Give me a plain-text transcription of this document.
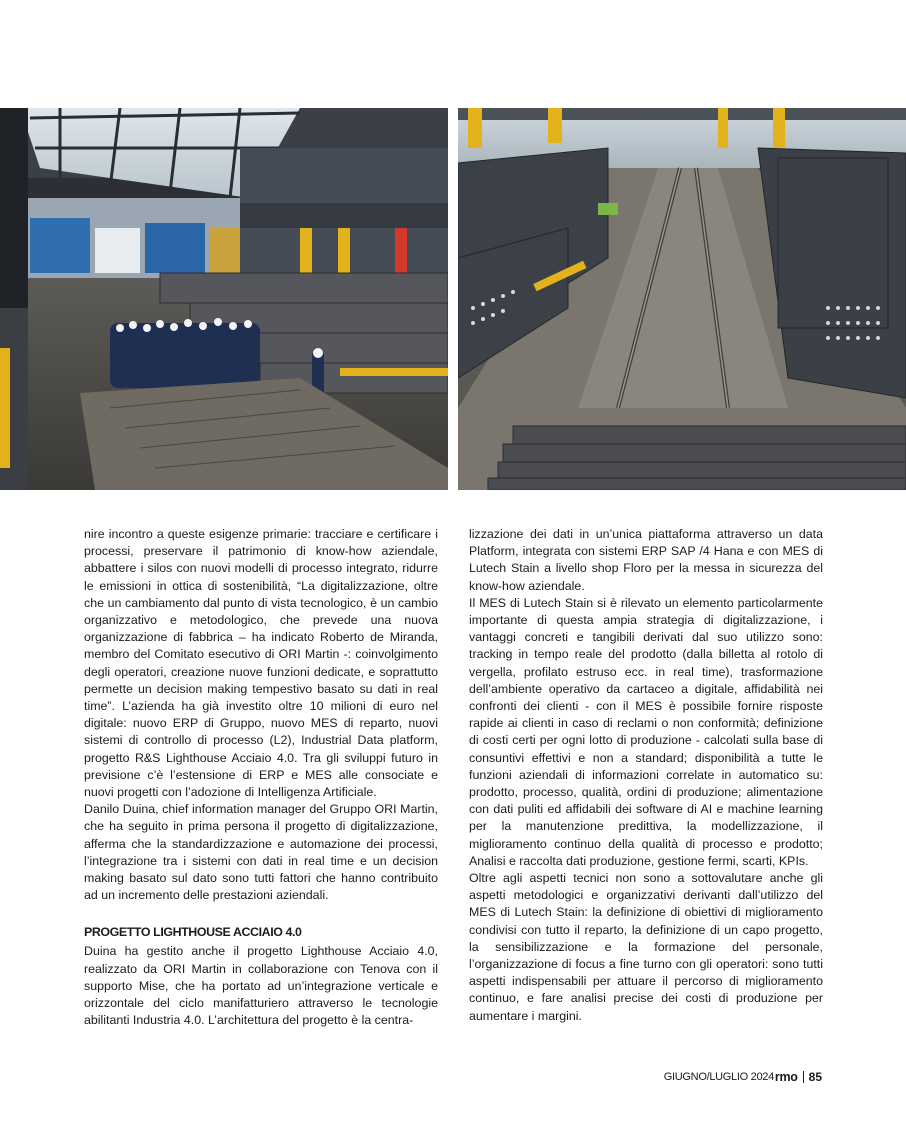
nire incontro a queste esigenze primarie: tracciare e certificare i processi, preservare il patrimonio di know-how aziendale, abbattere i silos con nuovi modelli di processo integrato, ridurre le emissioni in ottica di sostenibilità, “La digitalizzazione, oltre che un cambiamento dal punto di vista tecnologico, è un cambio organizzativo e metodologico, che prevede una nuova organizzazione di fabbrica – ha indicato Roberto de Miranda, membro del Comitato esecutivo di ORI Martin -: coinvolgimento degli operatori, creazione nuove funzioni dedicate, e soprattutto permette un decision making tempestivo basato su dati in real time”. L’azienda ha già investito oltre 10 milioni di euro nel digitale: nuovo ERP di Gruppo, nuovo MES di reparto, nuovi sistemi di controllo di processo (L2), Industrial Data platform, progetto R&S Lighthouse Acciaio 4.0. Tra gli sviluppi futuro in previsione c’è l’estensione di ERP e MES alle consociate e nuovi progetti con l’adozione di Intelligenza Artificiale.

Danilo Duina, chief information manager del Gruppo ORI Martin, che ha seguito in prima persona il progetto di digitalizzazione, afferma che la standardizzazione e automazione dei processi, l’integrazione tra i sistemi con dati in real time e un decision making basato sul dato sono tutti fattori che hanno contribuito ad un incremento delle prestazioni aziendali.

PROGETTO LIGHTHOUSE ACCIAIO 4.0

Duina ha gestito anche il progetto Lighthouse Acciaio 4.0, realizzato da ORI Martin in collaborazione con Tenova con il supporto Mise, che ha portato ad un’integrazione verticale e orizzontale del ciclo manifatturiero attraverso le tecnologie abilitanti Industria 4.0. L’architettura del progetto è la centra-

lizzazione dei dati in un’unica piattaforma attraverso un data Platform, integrata con sistemi ERP SAP /4 Hana e con MES di Lutech Stain a livello shop Floro per la messa in sicurezza del know-how aziendale.

Il MES di Lutech Stain si è rilevato un elemento particolarmente importante di questa ampia strategia di digitalizzazione, i vantaggi concreti e tangibili derivati dal suo utilizzo sono: tracking in tempo reale del prodotto (dalla billetta al rotolo di vergella, profilato estruso ecc. in real time), trasformazione dell’ambiente operativo da cartaceo a digitale, affidabilità nei confronti dei clienti - con il MES è possibile fornire risposte rapide ai clienti in caso di reclami o non conformità; definizione di costi certi per ogni lotto di produzione - calcolati sulla base di consuntivi effettivi e non a standard; disponibilità a tutte le funzioni aziendali di informazioni correlate in automatico su: prodotto, processo, qualità, ordini di produzione; alimentazione con dati puliti ed affidabili dei software di AI e machine learning per la manutenzione predittiva, la modellizzazione, il miglioramento continuo della qualità di processo e prodotto; Analisi e raccolta dati produzione, gestione fermi, scarti, KPIs.

Oltre agli aspetti tecnici non sono a sottovalutare anche gli aspetti metodologici e organizzativi derivanti dall’utilizzo del MES di Lutech Stain: la definizione di obiettivi di miglioramento condivisi con tutto il reparto, la definizione di un capo progetto, la sensibilizzazione e la formazione del personale, l’organizzazione di focus a fine turno con gli operatori: sono tutti aspetti indispensabili per attuare il percorso di miglioramento continuo, e fare analisi precise dei costi di produzione per aumentare i margini.

GIUGNO/LUGLIO 2024 rmo 85
